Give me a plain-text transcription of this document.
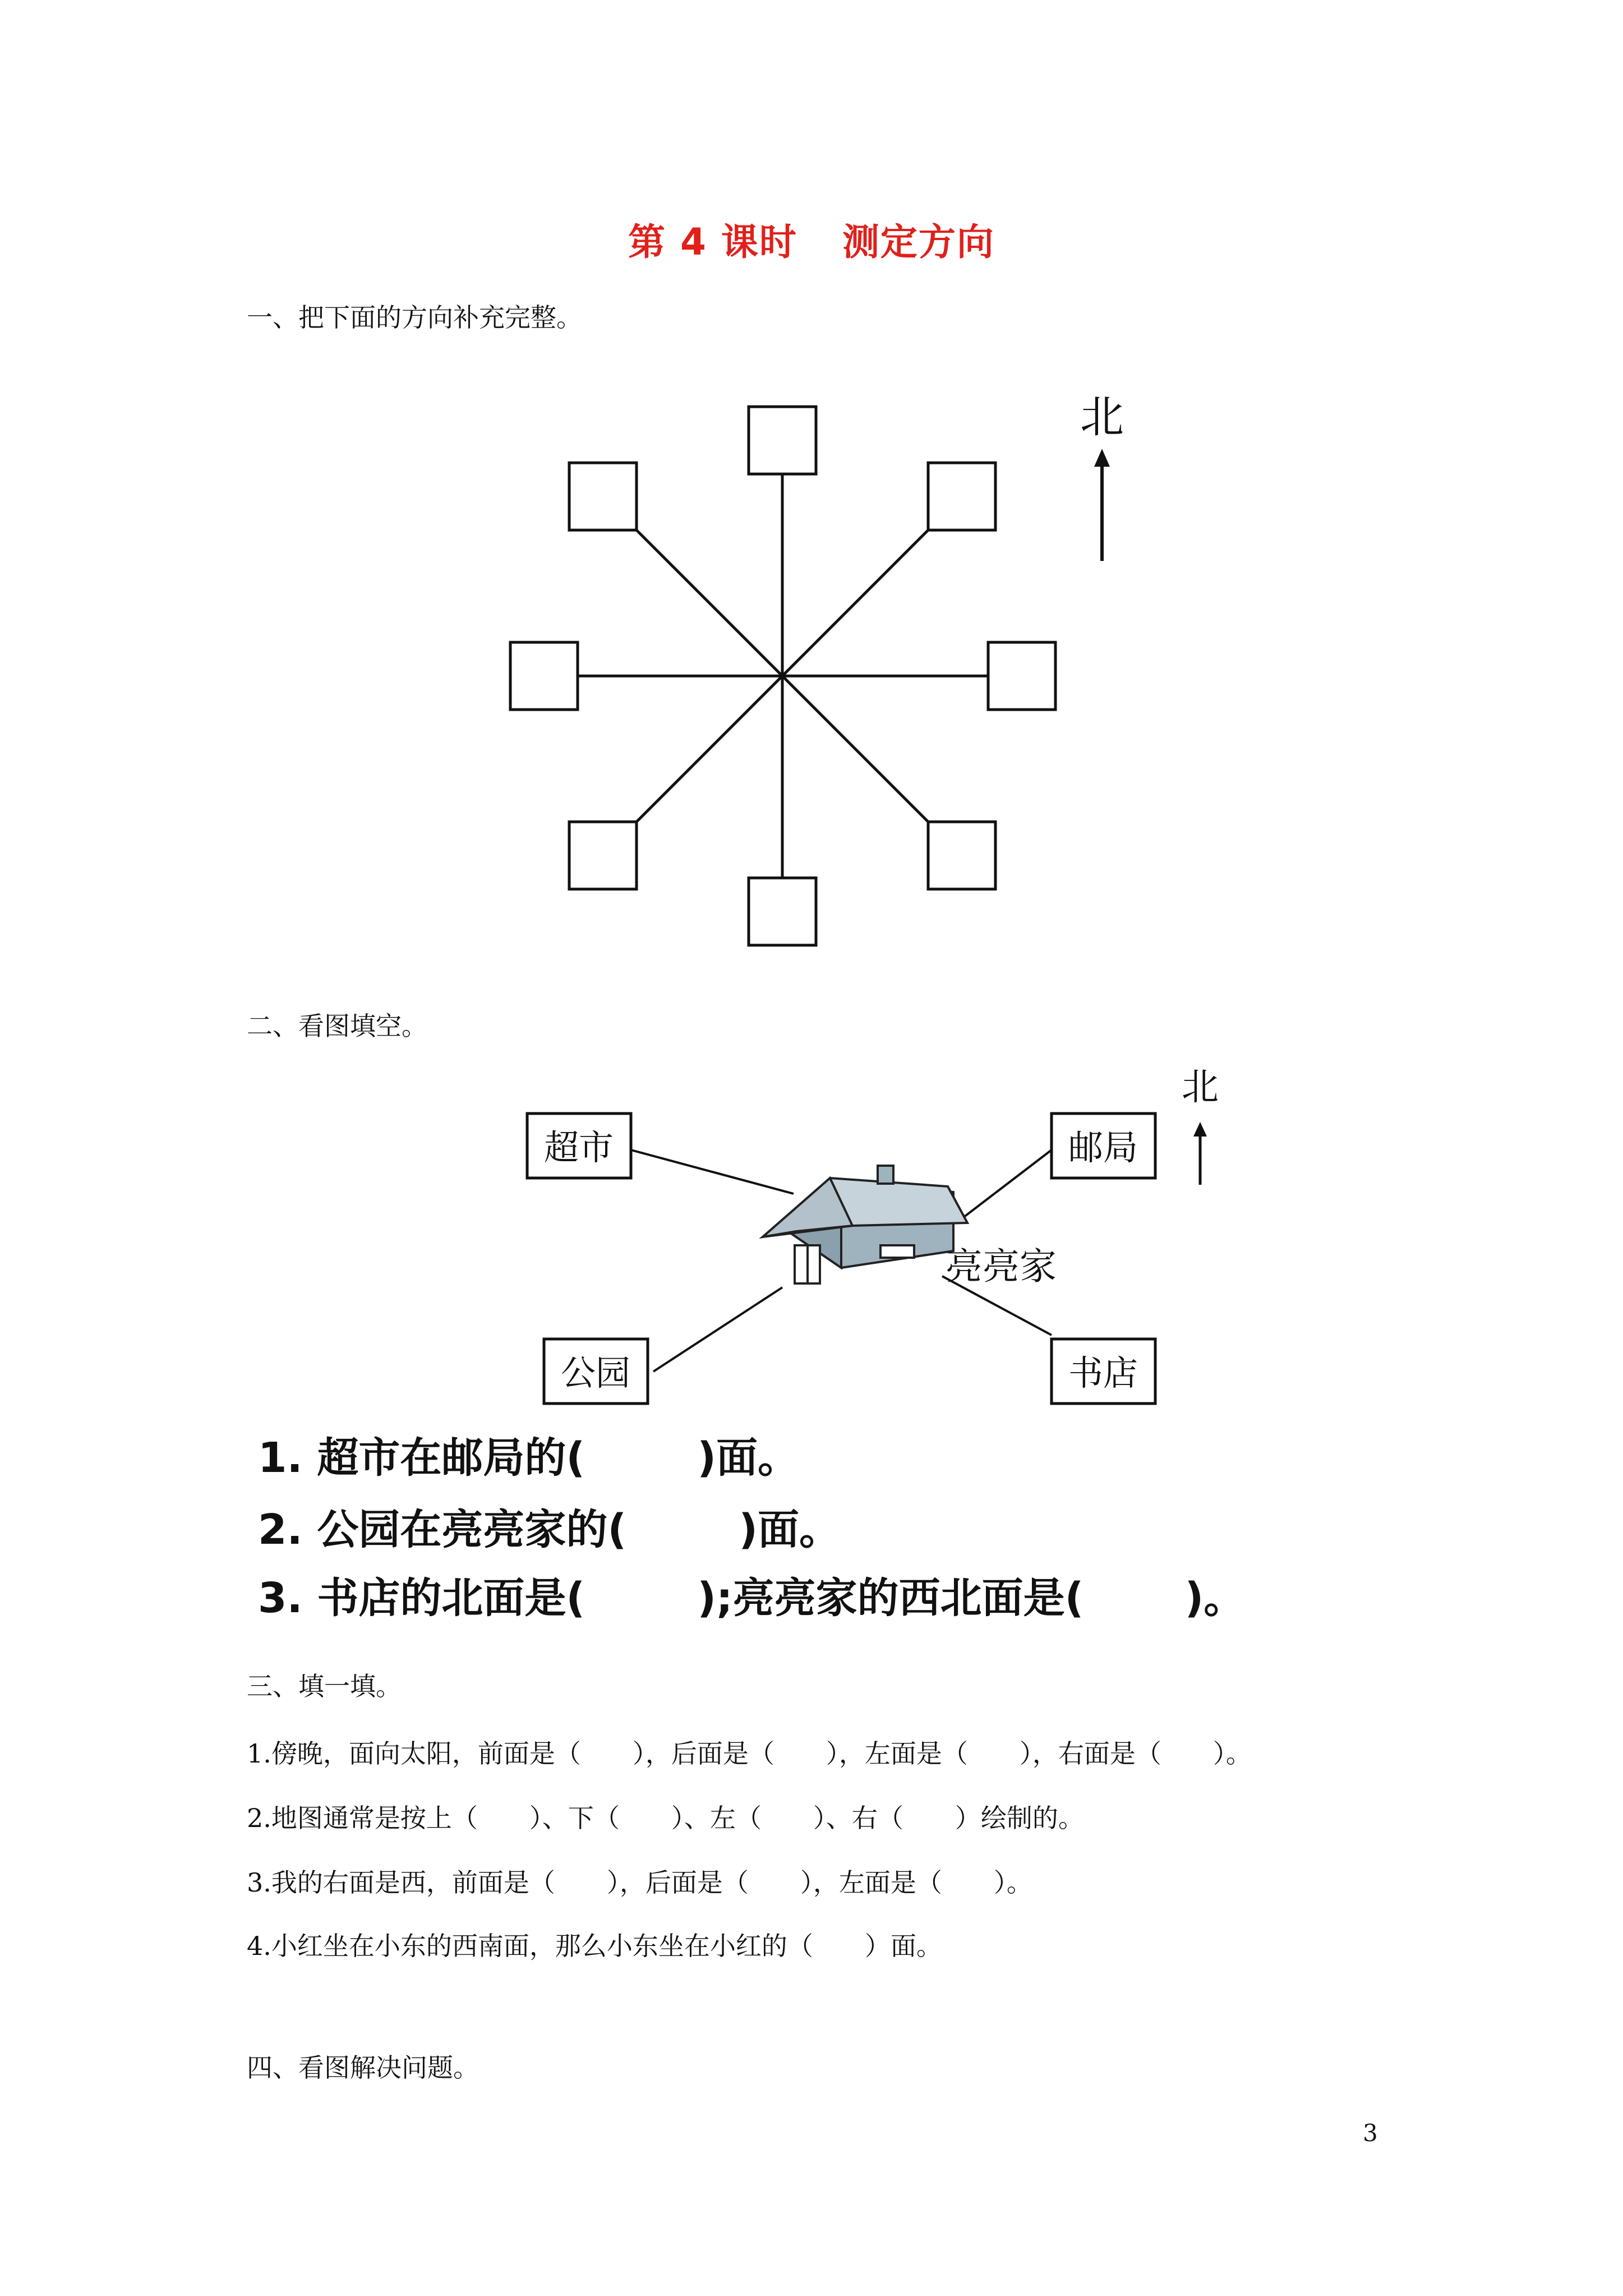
第 4 课时 测定方向
一、把下面的方向补充完整。
北
二、看图填空。
超市	邮局
公园	书店
亮亮家
北
1. 超市在邮局的(	)面。
2. 公园在亮亮家的(	)面。
3. 书店的北面是(	);亮亮家的西北面是( )。
三、填一填。
1.傍晚，面向太阳，前面是（　　），后面是（　　），左面是（　　），右面是（　　）。
2.地图通常是按上（　　）、下（　　）、左（　　）、右（　　）绘制的。
3.我的右面是西，前面是（　　），后面是（　　），左面是（　　）。
4.小红坐在小东的西南面，那么小东坐在小红的（　　）面。
四、看图解决问题。
3
